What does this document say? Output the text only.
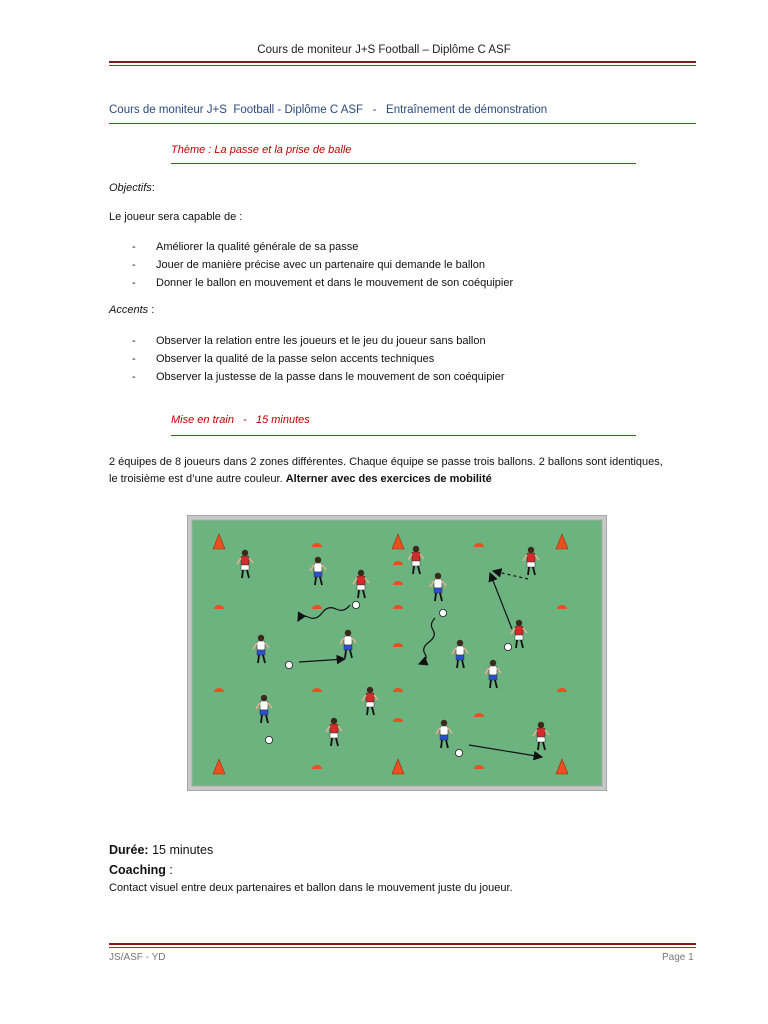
Cours de moniteur J+S Football – Diplôme C ASF
Cours de moniteur J+S  Football - Diplôme C ASF   -   Entraînement de démonstration
Thème : La passe et la prise de balle
Objectifs:
Le joueur sera capable de :
- Améliorer la qualité générale de sa passe
- Jouer de manière précise avec un partenaire qui demande le ballon
- Donner le ballon en mouvement et dans le mouvement de son coéquipier
Accents :
- Observer la relation entre les joueurs et le jeu du joueur sans ballon
- Observer la qualité de la passe selon accents techniques
- Observer la justesse de la passe dans le mouvement de son coéquipier
Mise en train   -   15 minutes
2 équipes de 8 joueurs dans 2 zones différentes. Chaque équipe se passe trois ballons. 2 ballons sont identiques, le troisième est d’une autre couleur. Alterner avec des exercices de mobilité
Durée: 15 minutes
Coaching :
Contact visuel entre deux partenaires et ballon dans le mouvement juste du joueur.
JS/ASF - YD	Page 1
